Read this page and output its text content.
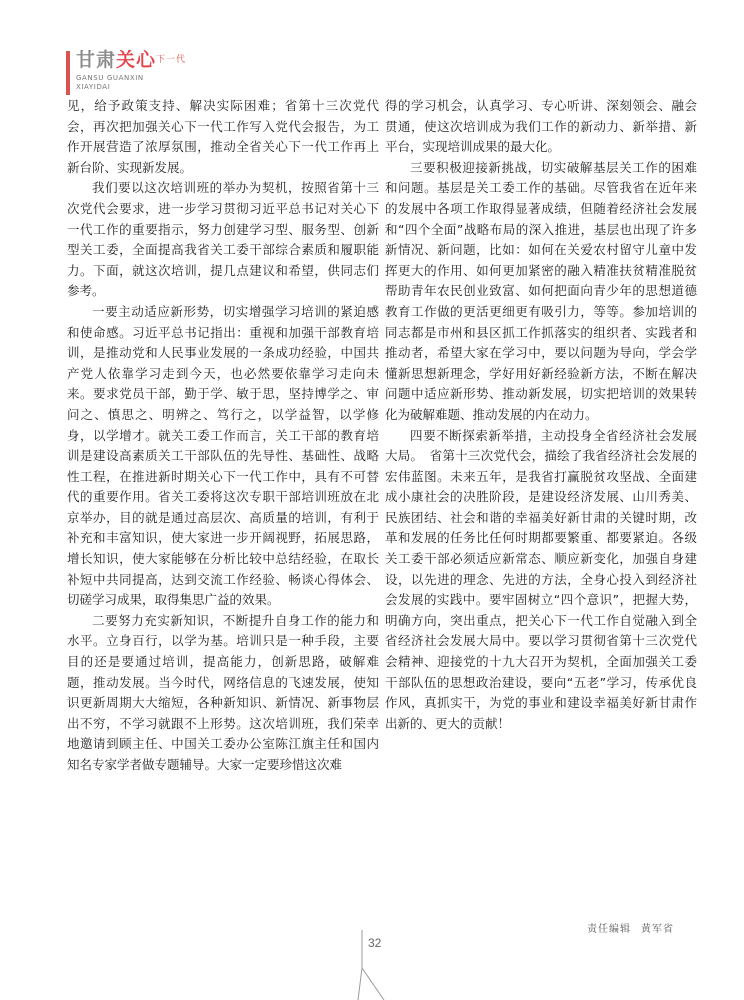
甘肃关心$^{下一代}$
GANSU GUANXIN
XIAYIDAI

见，给予政策支持、解决实际困难；省第十三次党代会，再次把加强关心下一代工作写入党代会报告，为工作开展营造了浓厚氛围，推动全省关心下一代工作再上新台阶、实现新发展。

我们要以这次培训班的举办为契机，按照省第十三次党代会要求，进一步学习贯彻习近平总书记对关心下一代工作的重要指示，努力创建学习型、服务型、创新型关工委，全面提高我省关工委干部综合素质和履职能力。下面，就这次培训，提几点建议和希望，供同志们参考。

一要主动适应新形势，切实增强学习培训的紧迫感和使命感。习近平总书记指出：重视和加强干部教育培训，是推动党和人民事业发展的一条成功经验，中国共产党人依靠学习走到今天，也必然要依靠学习走向未来。要求党员干部，勤于学、敏于思，坚持博学之、审问之、慎思之、明辨之、笃行之，以学益智，以学修身，以学增才。就关工委工作而言，关工干部的教育培训是建设高素质关工干部队伍的先导性、基础性、战略性工程，在推进新时期关心下一代工作中，具有不可替代的重要作用。省关工委将这次专职干部培训班放在北京举办，目的就是通过高层次、高质量的培训，有利于补充和丰富知识，使大家进一步开阔视野，拓展思路，增长知识，使大家能够在分析比较中总结经验，在取长补短中共同提高，达到交流工作经验、畅谈心得体会、切磋学习成果，取得集思广益的效果。

二要努力充实新知识，不断提升自身工作的能力和水平。立身百行，以学为基。培训只是一种手段，主要目的还是要通过培训，提高能力，创新思路，破解难题，推动发展。当今时代，网络信息的飞速发展，使知识更新周期大大缩短，各种新知识、新情况、新事物层出不穷，不学习就跟不上形势。这次培训班，我们荣幸地邀请到顾主任、中国关工委办公室陈江旗主任和国内知名专家学者做专题辅导。大家一定要珍惜这次难

得的学习机会，认真学习、专心听讲、深刻领会、融会贯通，使这次培训成为我们工作的新动力、新举措、新平台，实现培训成果的最大化。

三要积极迎接新挑战，切实破解基层关工作的困难和问题。基层是关工委工作的基础。尽管我省在近年来的发展中各项工作取得显著成绩，但随着经济社会发展和“四个全面”战略布局的深入推进，基层也出现了许多新情况、新问题，比如：如何在关爱农村留守儿童中发挥更大的作用、如何更加紧密的融入精准扶贫精准脱贫帮助青年农民创业致富、如何把面向青少年的思想道德教育工作做的更活更细更有吸引力，等等。参加培训的同志都是市州和县区抓工作抓落实的组织者、实践者和推动者，希望大家在学习中，要以问题为导向，学会学懂新思想新理念，学好用好新经验新方法，不断在解决问题中适应新形势、推动新发展，切实把培训的效果转化为破解难题、推动发展的内在动力。

四要不断探索新举措，主动投身全省经济社会发展大局。　省第十三次党代会，描绘了我省经济社会发展的宏伟蓝图。未来五年，是我省打赢脱贫攻坚战、全面建成小康社会的决胜阶段，是建设经济发展、山川秀美、民族团结、社会和谐的幸福美好新甘肃的关键时期，改革和发展的任务比任何时期都要繁重、都要紧迫。各级关工委干部必须适应新常态、顺应新变化，加强自身建设，以先进的理念、先进的方法，全身心投入到经济社会发展的实践中。要牢固树立“四个意识”，把握大势，明确方向，突出重点，把关心下一代工作自觉融入到全省经济社会发展大局中。要以学习贯彻省第十三次党代会精神、迎接党的十九大召开为契机，全面加强关工委干部队伍的思想政治建设，要向“五老”学习，传承优良作风，真抓实干，为党的事业和建设幸福美好新甘肃作出新的、更大的贡献！

责任编辑 黄军省
32
